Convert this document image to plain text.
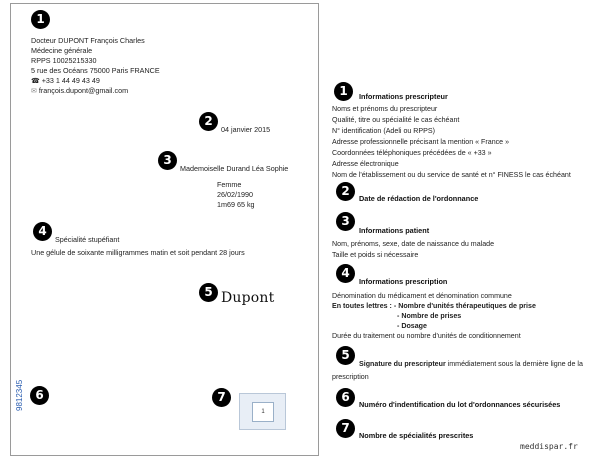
1
Docteur DUPONT François Charles
Médecine générale
RPPS 10025215330
5 rue des Océans 75000 Paris FRANCE
☎ +33 1 44 49 43 49
✉ françois.dupont@gmail.com
2
04 janvier 2015
3
Mademoiselle Durand Léa Sophie
Femme
26/02/1990
1m69 65 kg
4
Spécialité stupéfiant
Une gélule de soixante milligrammes matin et soit pendant 28 jours
5 Dupont
9812345 6	7
1
1	Informations prescripteur
Noms et prénoms du prescripteur
Qualité, titre ou spécialité le cas échéant
N° identification (Adeli ou RPPS)
Adresse professionnelle précisant la mention « France »
Coordonnées téléphoniques précédées de « +33 »
Adresse électronique
Nom de l'établissement ou du service de santé et n° FINESS le cas échéant
2
Date de rédaction de l'ordonnance
3
Informations patient
Nom, prénoms, sexe, date de naissance du malade
Taille et poids si nécessaire
4
Informations prescription
Dénomination du médicament et dénomination commune
En toutes lettres : - Nombre d'unités thérapeutiques de prise
- Nombre de prises
- Dosage
Durée du traitement ou nombre d'unités de conditionnement
5
Signature du prescripteur immédiatement sous la dernière ligne de la
prescription
6
Numéro d'indentification du lot d'ordonnances sécurisées
7
Nombre de spécialités prescrites
meddispar.fr
